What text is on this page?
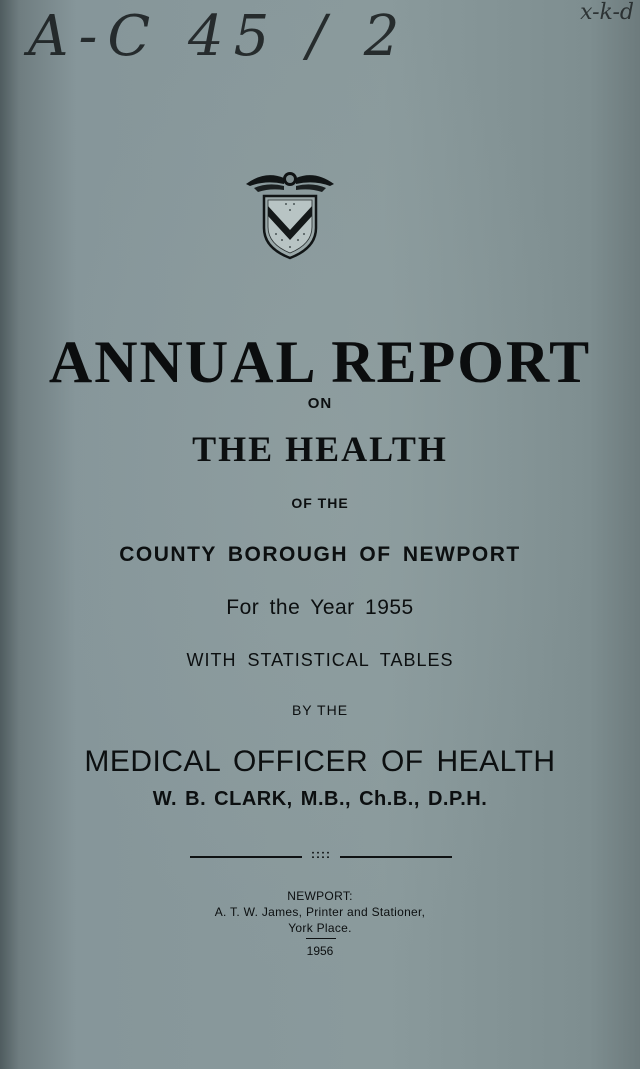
A-C 45 / 2	x-k-d
ANNUAL REPORT
ON
THE HEALTH
OF THE
COUNTY BOROUGH OF NEWPORT
For the Year 1955
WITH STATISTICAL TABLES
BY THE
MEDICAL OFFICER OF HEALTH
W. B. CLARK, M.B., Ch.B., D.P.H.
::::
NEWPORT:
A. T. W. James, Printer and Stationer,
York Place.
1956
